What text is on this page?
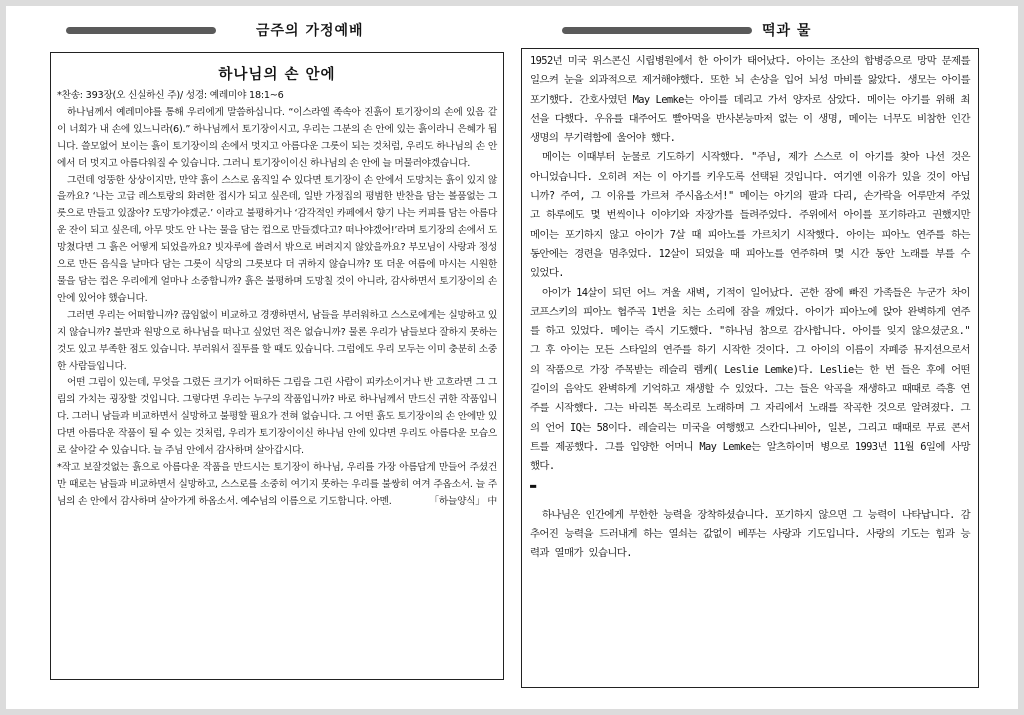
금주의 가정예배	떡과 물
하나님의 손 안에

*찬송: 393장(오 신실하신 주)/ 성경: 예레미야 18:1~6

하나님께서 예레미야를 통해 우리에게 말씀하십니다. “이스라엘 족속아 진흙이 토기장이의 손에 있음 같이 너희가 내 손에 있느니라(6).” 하나님께서 토기장이시고, 우리는 그분의 손 안에 있는 흙이라니 은혜가 됩니다. 쓸모없어 보이는 흙이 토기장이의 손에서 멋지고 아름다운 그릇이 되는 것처럼, 우리도 하나님의 손 안에서 더 멋지고 아름다워질 수 있습니다. 그러니 토기장이이신 하나님의 손 안에 늘 머물러야겠습니다.

그런데 엉뚱한 상상이지만, 만약 흙이 스스로 움직일 수 있다면 토기장이 손 안에서 도망치는 흙이 있지 않을까요? ‘나는 고급 레스토랑의 화려한 접시가 되고 싶은데, 일반 가정집의 평범한 반찬을 담는 볼품없는 그릇으로 만들고 있잖아? 도망가야겠군.’ 이라고 불평하거나 ‘감각적인 카페에서 향기 나는 커피를 담는 아름다운 잔이 되고 싶은데, 아무 맛도 안 나는 물을 담는 컵으로 만들겠다고? 떠나야겠어!’라며 토기장의 손에서 도망쳤다면 그 흙은 어떻게 되었을까요? 빗자루에 쓸려서 밖으로 버려지지 않았을까요? 부모님이 사랑과 정성으로 만든 음식을 날마다 담는 그릇이 식당의 그릇보다 더 귀하지 않습니까? 또 더운 여름에 마시는 시원한 물을 담는 컵은 우리에게 얼마나 소중합니까? 흙은 불평하며 도망칠 것이 아니라, 감사하면서 토기장이의 손 안에 있어야 했습니다.

그러면 우리는 어떠합니까? 끊임없이 비교하고 경쟁하면서, 남들을 부러워하고 스스로에게는 실망하고 있지 않습니까? 불만과 원망으로 하나님을 떠나고 싶었던 적은 없습니까? 물론 우리가 남들보다 잘하지 못하는 것도 있고 부족한 점도 있습니다. 부러워서 질투를 할 때도 있습니다. 그럼에도 우리 모두는 이미 충분히 소중한 사람들입니다.

어떤 그림이 있는데, 무엇을 그렸든 크기가 어떠하든 그림을 그린 사람이 피카소이거나 반 고흐라면 그 그림의 가치는 굉장할 것입니다. 그렇다면 우리는 누구의 작품입니까? 바로 하나님께서 만드신 귀한 작품입니다. 그러니 남들과 비교하면서 실망하고 불평할 필요가 전혀 없습니다. 그 어떤 흙도 토기장이의 손 안에만 있다면 아름다운 작품이 될 수 있는 것처럼, 우리가 토기장이이신 하나님 안에 있다면 우리도 아름다운 모습으로 살아갈 수 있습니다. 늘 주님 안에서 감사하며 살아갑시다.

*작고 보잘것없는 흙으로 아름다운 작품을 만드시는 토기장이 하나님, 우리를 가장 아름답게 만들어 주셨건만 때로는 남들과 비교하면서 실망하고, 스스로를 소중히 여기지 못하는 우리를 불쌍히 여겨 주옵소서. 늘 주님의 손 안에서 감사하며 살아가게 하옵소서. 예수님의 이름으로 기도합니다. 아멘.	「하늘양식」 中

1952년 미국 위스콘신 시립병원에서 한 아이가 태어났다. 아이는 조산의 합병증으로 망막 문제를 일으켜 눈을 외과적으로 제거해야했다. 또한 뇌 손상을 입어 뇌성 마비를 앓았다. 생모는 아이를 포기했다. 간호사였던 May Lemke는 아이를 데리고 가서 양자로 삼았다. 메이는 아기를 위해 최선을 다했다. 우유를 대주어도 빨아먹을 반사본능마저 없는 이 생명, 메이는 너무도 비참한 인간 생명의 무기력함에 울어야 했다.

메이는 이때부터 눈물로 기도하기 시작했다. "주님, 제가 스스로 이 아기를 찾아 나선 것은 아니었습니다. 오히려 저는 이 아기를 키우도록 선택된 것입니다. 여기엔 이유가 있을 것이 아닙니까? 주여, 그 이유를 가르쳐 주시옵소서!" 메이는 아기의 팔과 다리, 손가락을 어루만져 주었고 하루에도 몇 번씩이나 이야기와 자장가를 들려주었다. 주위에서 아이를 포기하라고 권했지만 메이는 포기하지 않고 아이가 7살 때 피아노를 가르치기 시작했다. 아이는 피아노 연주를 하는 동안에는 경련을 멈추었다. 12살이 되었을 때 피아노를 연주하며 몇 시간 동안 노래를 부를 수 있었다.

아이가 14살이 되던 어느 겨울 새벽, 기적이 일어났다. 곤한 잠에 빠진 가족들은 누군가 차이코프스키의 피아노 협주곡 1번을 치는 소리에 잠을 깨었다. 아이가 피아노에 앉아 완벽하게 연주를 하고 있었다. 메이는 즉시 기도했다. "하나님 참으로 감사합니다. 아이를 잊지 않으셨군요." 그 후 아이는 모든 스타일의 연주를 하기 시작한 것이다. 그 아이의 이름이 자폐증 뮤지션으로서의 작품으로 가장 주목받는 레슬리 렘케( Leslie Lemke)다. Leslie는 한 번 들은 후에 어떤 길이의 음악도 완벽하게 기억하고 재생할 수 있었다. 그는 들은 악곡을 재생하고 때때로 즉흥 연주를 시작했다. 그는 바리톤 목소리로 노래하며 그 자리에서 노래를 작곡한 것으로 알려졌다. 그의 언어 IQ는 58이다. 레슬리는 미국을 여행했고 스칸디나비아, 일본, 그리고 때때로 무료 콘서트를 제공했다. 그를 입양한 어머니 May Lemke는 알츠하이머 병으로 1993년 11월 6일에 사망했다.

▬

하나님은 인간에게 무한한 능력을 장착하셨습니다. 포기하지 않으면 그 능력이 나타납니다. 감추어진 능력을 드러내게 하는 열쇠는 값없이 베푸는 사랑과 기도입니다. 사랑의 기도는 힘과 능력과 열매가 있습니다.
